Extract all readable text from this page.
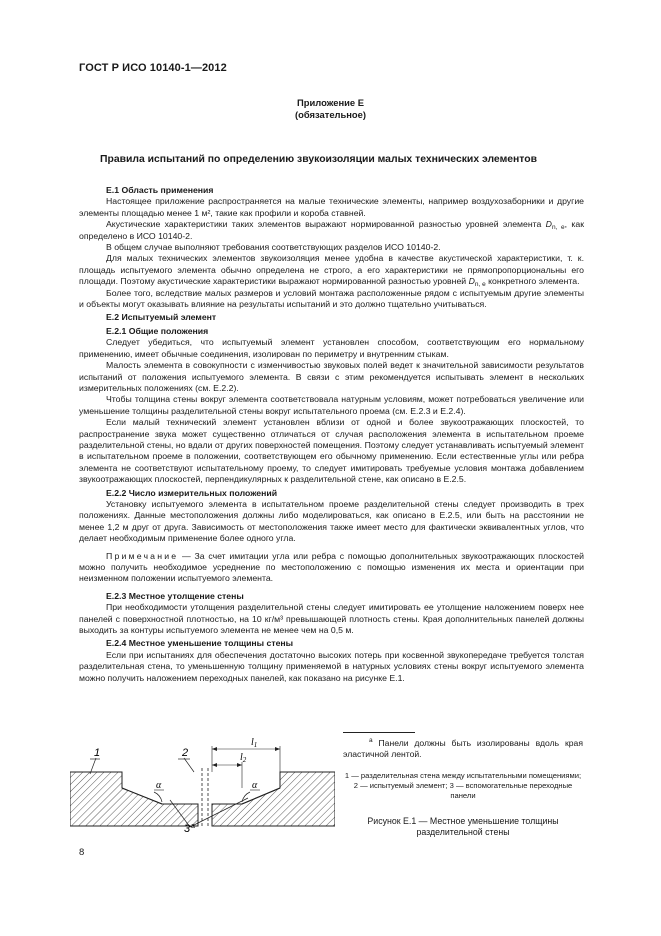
ГОСТ Р ИСО 10140-1—2012
Приложение Е
(обязательное)
Правила испытаний по определению звукоизоляции малых технических элементов

Е.1 Область применения

Настоящее приложение распространяется на малые технические элементы, например воздухозаборники и другие элементы площадью менее 1 м², такие как профили и короба ставней.

Акустические характеристики таких элементов выражают нормированной разностью уровней элемента $D_{n, e}$, как определено в ИСО 10140-2.

В общем случае выполняют требования соответствующих разделов ИСО 10140-2.

Для малых технических элементов звукоизоляция менее удобна в качестве акустической характеристики, т. к. площадь испытуемого элемента обычно определена не строго, а его характеристики не прямопропорциональны его площади. Поэтому акустические характеристики выражают нормированной разностью уровней $D_{n, e}$ конкретного элемента.

Более того, вследствие малых размеров и условий монтажа расположенные рядом с испытуемым другие элементы и объекты могут оказывать влияние на результаты испытаний и это должно тщательно учитываться.

Е.2 Испытуемый элемент

Е.2.1 Общие положения

Следует убедиться, что испытуемый элемент установлен способом, соответствующим его нормальному применению, имеет обычные соединения, изолирован по периметру и внутренним стыкам.

Малость элемента в совокупности с изменчивостью звуковых полей ведет к значительной зависимости результатов испытаний от положения испытуемого элемента. В связи с этим рекомендуется испытывать элемент в нескольких измерительных положениях (см. Е.2.2).

Чтобы толщина стены вокруг элемента соответствовала натурным условиям, может потребоваться увеличение или уменьшение толщины разделительной стены вокруг испытательного проема (см. Е.2.3 и Е.2.4).

Если малый технический элемент установлен вблизи от одной и более звукоотражающих плоскостей, то распространение звука может существенно отличаться от случая расположения элемента в испытательном проеме разделительной стены, но вдали от других поверхностей помещения. Поэтому следует устанавливать испытуемый элемент в испытательном проеме в положении, соответствующем его обычному применению. Если естественные углы или ребра элемента не соответствуют испытательному проему, то следует имитировать требуемые условия монтажа добавлением звукоотражающих плоскостей, перпендикулярных к разделительной стене, как описано в Е.2.5.

Е.2.2 Число измерительных положений

Установку испытуемого элемента в испытательном проеме разделительной стены следует производить в трех положениях. Данные местоположения должны либо моделироваться, как описано в Е.2.5, или быть на расстоянии не менее 1,2 м друг от друга. Зависимость от местоположения также имеет место для фактически эквивалентных углов, что делает необходимым применение более одного угла.

Примечание — За счет имитации угла или ребра с помощью дополнительных звукоотражающих плоскостей можно получить необходимое усреднение по местоположению с помощью изменения их места и ориентации при неизменном положении испытуемого элемента.

Е.2.3 Местное утолщение стены

При необходимости утолщения разделительной стены следует имитировать ее утолщение наложением поверх нее панелей с поверхностной плотностью, на 10 кг/м³ превышающей плотность стены. Края дополнительных панелей должны выходить за контуры испытуемого элемента не менее чем на 0,5 м.

Е.2.4 Местное уменьшение толщины стены

Если при испытаниях для обеспечения достаточно высоких потерь при косвенной звукопередаче требуется толстая разделительная стена, то уменьшенную толщину применяемой в натурных условиях стены вокруг испытуемого элемента можно получить наложением переходных панелей, как показано на рисунке Е.1.

1	2
3 a
α	α
$l_1$
$l_2$
$^a$ Панели должны быть изолированы вдоль края эластичной лентой.
1 — разделительная стена между испытательными помещениями; 2 — испытуемый элемент; 3 — вспомогательные переходные панели
Рисунок Е.1 — Местное уменьшение толщины разделительной стены
8
